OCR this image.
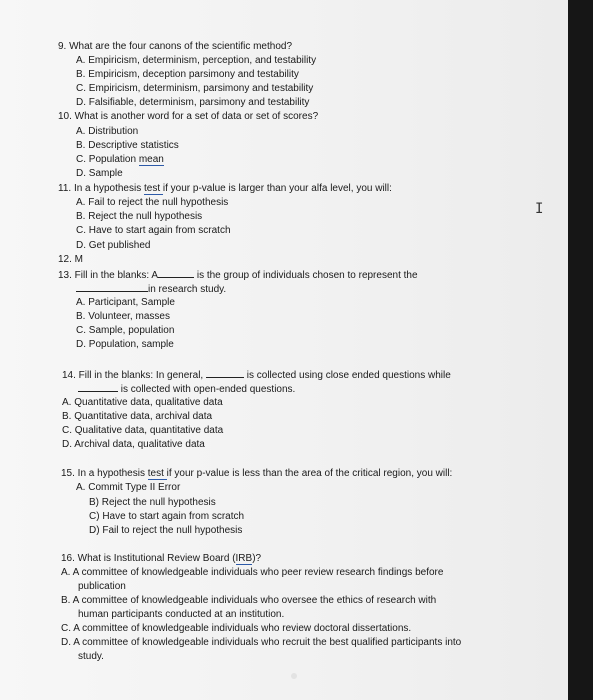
9. What are the four canons of the scientific method?
A. Empiricism, determinism, perception, and testability
B. Empiricism, deception parsimony and testability
C. Empiricism, determinism, parsimony and testability
D. Falsifiable, determinism, parsimony and testability
10. What is another word for a set of data or set of scores?
A. Distribution
B. Descriptive statistics
C. Population mean
D. Sample
11. In a hypothesis test if your p-value is larger than your alfa level, you will:
A. Fail to reject the null hypothesis
B. Reject the null hypothesis
C. Have to start again from scratch
D. Get published
12. M
13. Fill in the blanks: A	is the group of individuals chosen to represent the
in research study.
A. Participant, Sample
B. Volunteer, masses
C. Sample, population
D. Population, sample
14. Fill in the blanks: In general,	is collected using close ended questions while
is collected with open-ended questions.
A. Quantitative data, qualitative data
B. Quantitative data, archival data
C. Qualitative data, quantitative data
D. Archival data, qualitative data
15. In a hypothesis test if your p-value is less than the area of the critical region, you will:
A. Commit Type II Error
B) Reject the null hypothesis
C) Have to start again from scratch
D) Fail to reject the null hypothesis
16. What is Institutional Review Board (IRB)?
A. A committee of knowledgeable individuals who peer review research findings before
publication
B. A committee of knowledgeable individuals who oversee the ethics of research with
human participants conducted at an institution.
C. A committee of knowledgeable individuals who review doctoral dissertations.
D. A committee of knowledgeable individuals who recruit the best qualified participants into
study.
I
